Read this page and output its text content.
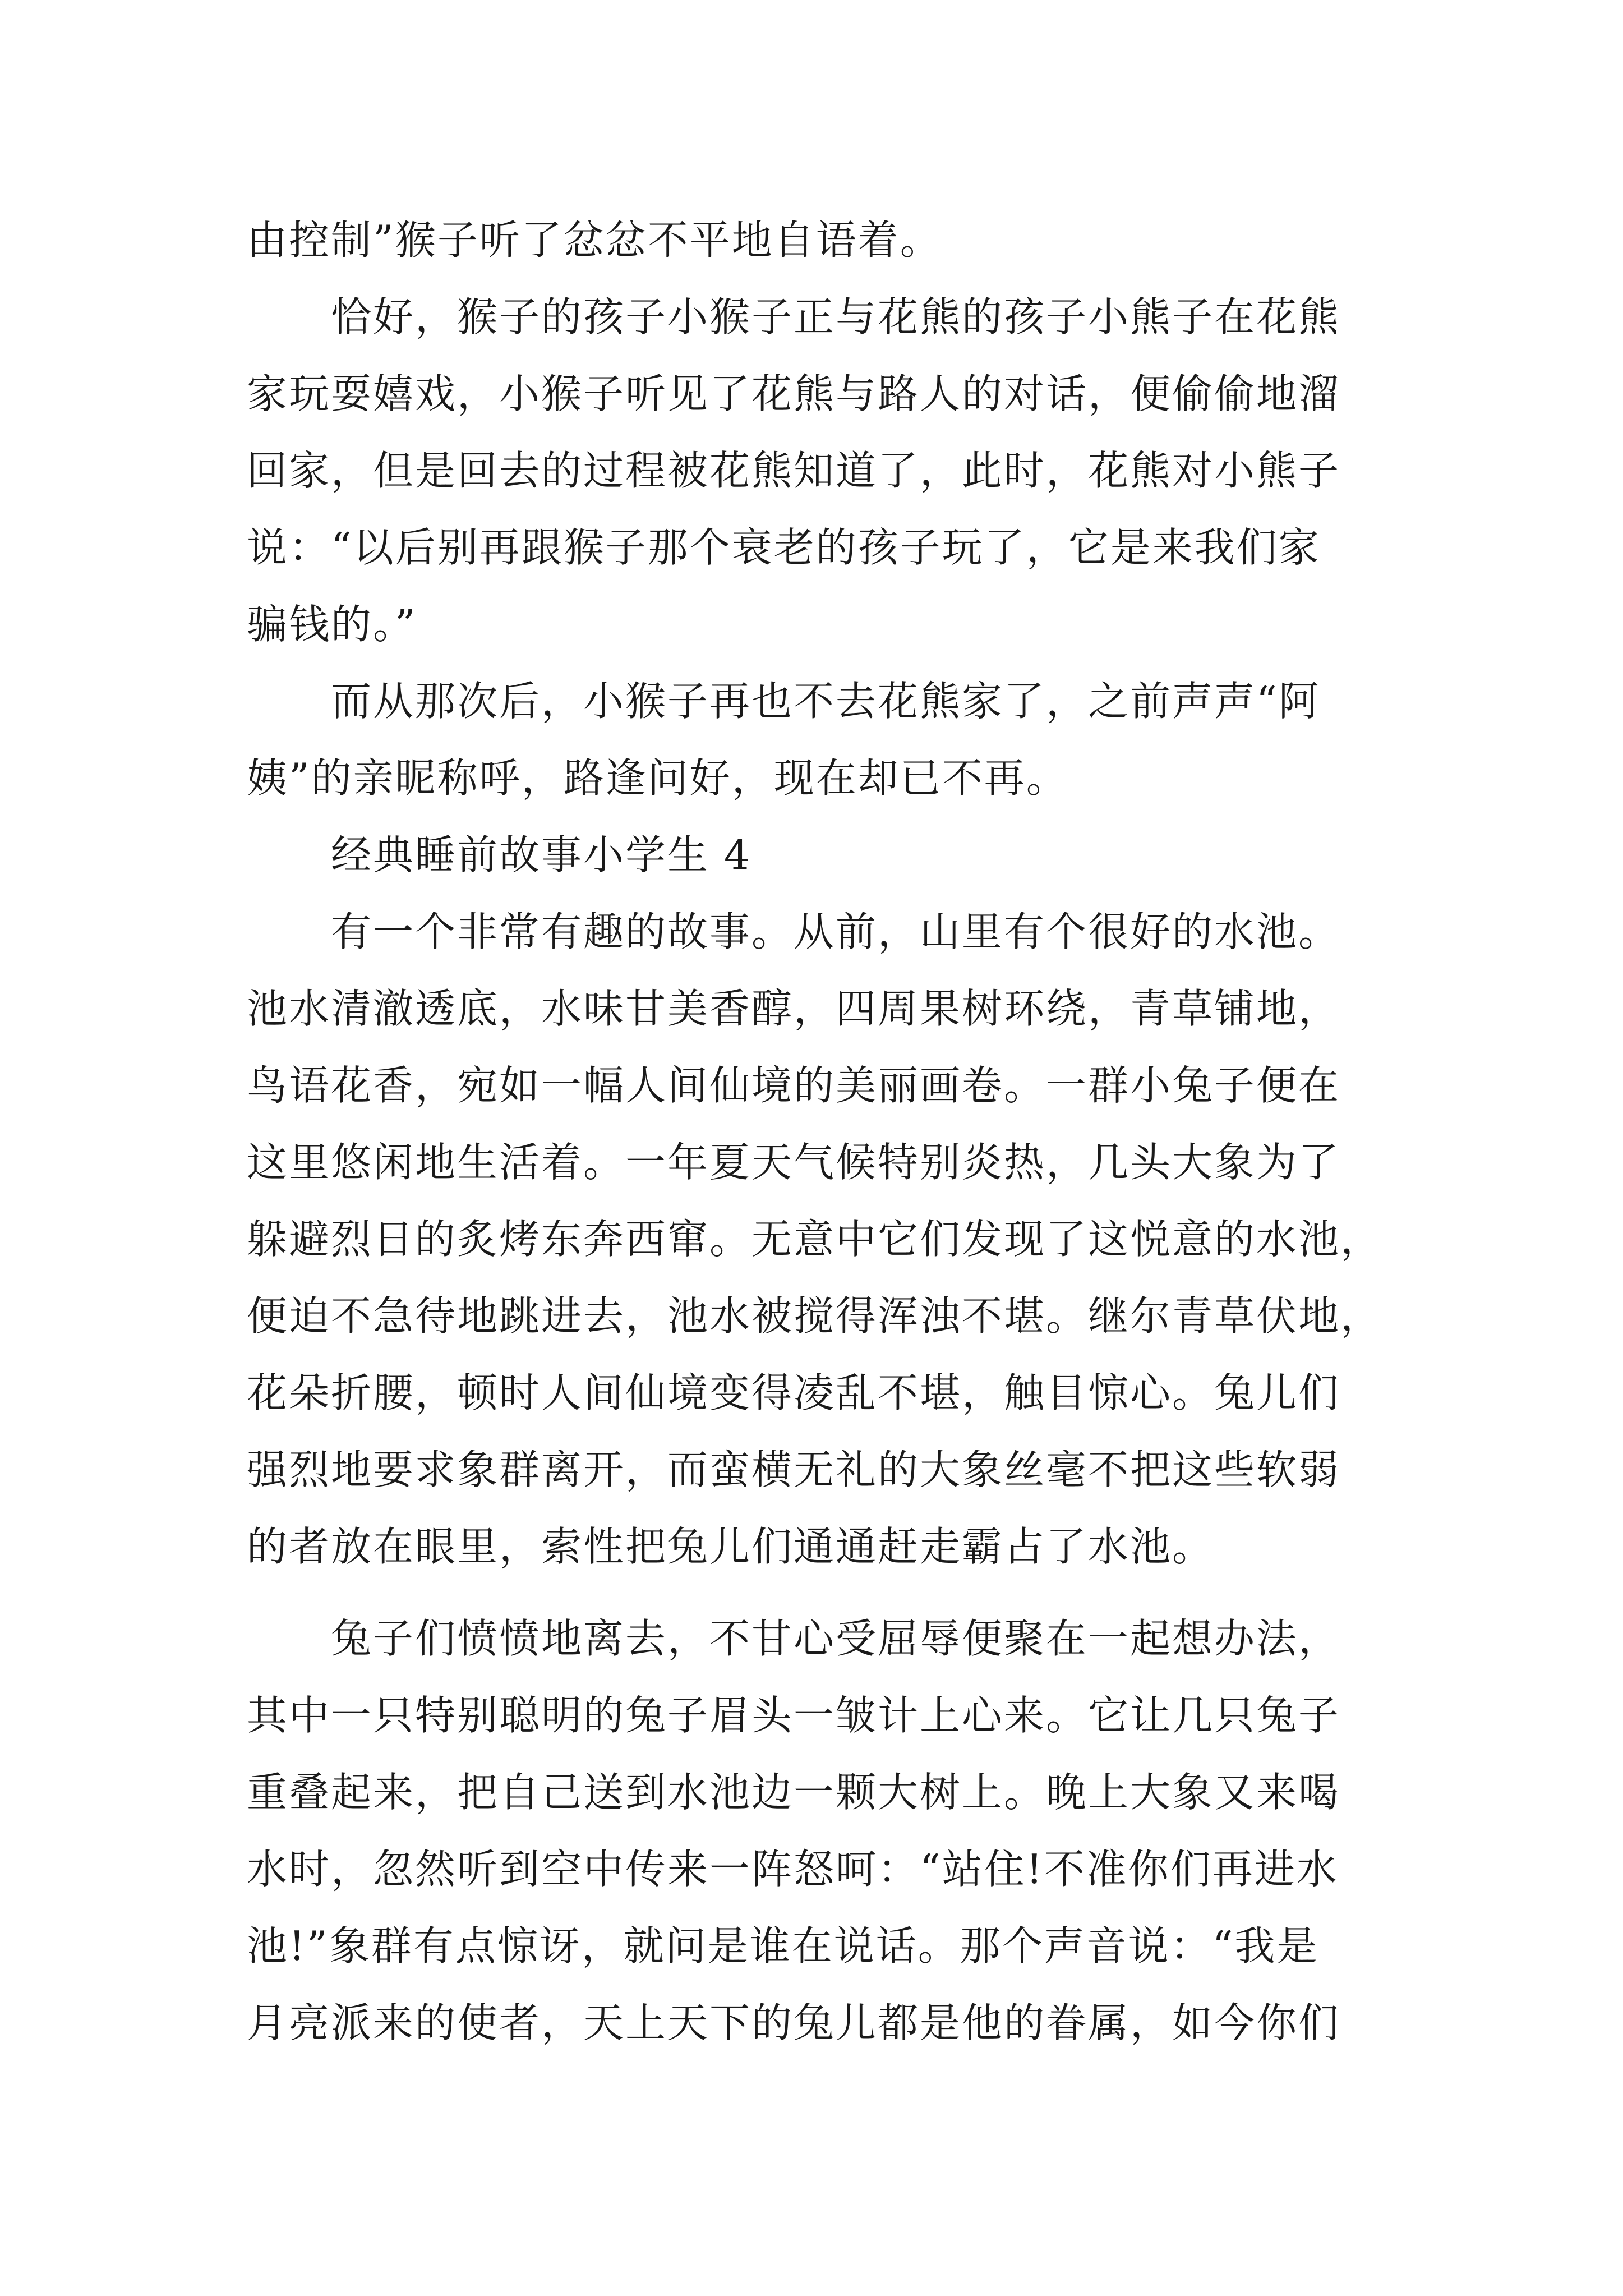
由控制”猴子听了忿忿不平地自语着。
恰好，猴子的孩子小猴子正与花熊的孩子小熊子在花熊
家玩耍嬉戏，小猴子听见了花熊与路人的对话，便偷偷地溜
回家，但是回去的过程被花熊知道了，此时，花熊对小熊子
说：“以后别再跟猴子那个衰老的孩子玩了，它是来我们家
骗钱的。”
而从那次后，小猴子再也不去花熊家了，之前声声“阿
姨”的亲昵称呼，路逢问好，现在却已不再。
经典睡前故事小学生 4
有一个非常有趣的故事。从前，山里有个很好的水池。
池水清澈透底，水味甘美香醇，四周果树环绕，青草铺地，
鸟语花香，宛如一幅人间仙境的美丽画卷。一群小兔子便在
这里悠闲地生活着。一年夏天气候特别炎热，几头大象为了
躲避烈日的炙烤东奔西窜。无意中它们发现了这悦意的水池，
便迫不急待地跳进去，池水被搅得浑浊不堪。继尔青草伏地，
花朵折腰，顿时人间仙境变得凌乱不堪，触目惊心。兔儿们
强烈地要求象群离开，而蛮横无礼的大象丝毫不把这些软弱
的者放在眼里，索性把兔儿们通通赶走霸占了水池。
兔子们愤愤地离去，不甘心受屈辱便聚在一起想办法，
其中一只特别聪明的兔子眉头一皱计上心来。它让几只兔子
重叠起来，把自己送到水池边一颗大树上。晚上大象又来喝
水时，忽然听到空中传来一阵怒呵：“站住!不准你们再进水
池!”象群有点惊讶，就问是谁在说话。那个声音说：“我是
月亮派来的使者，天上天下的兔儿都是他的眷属，如今你们
